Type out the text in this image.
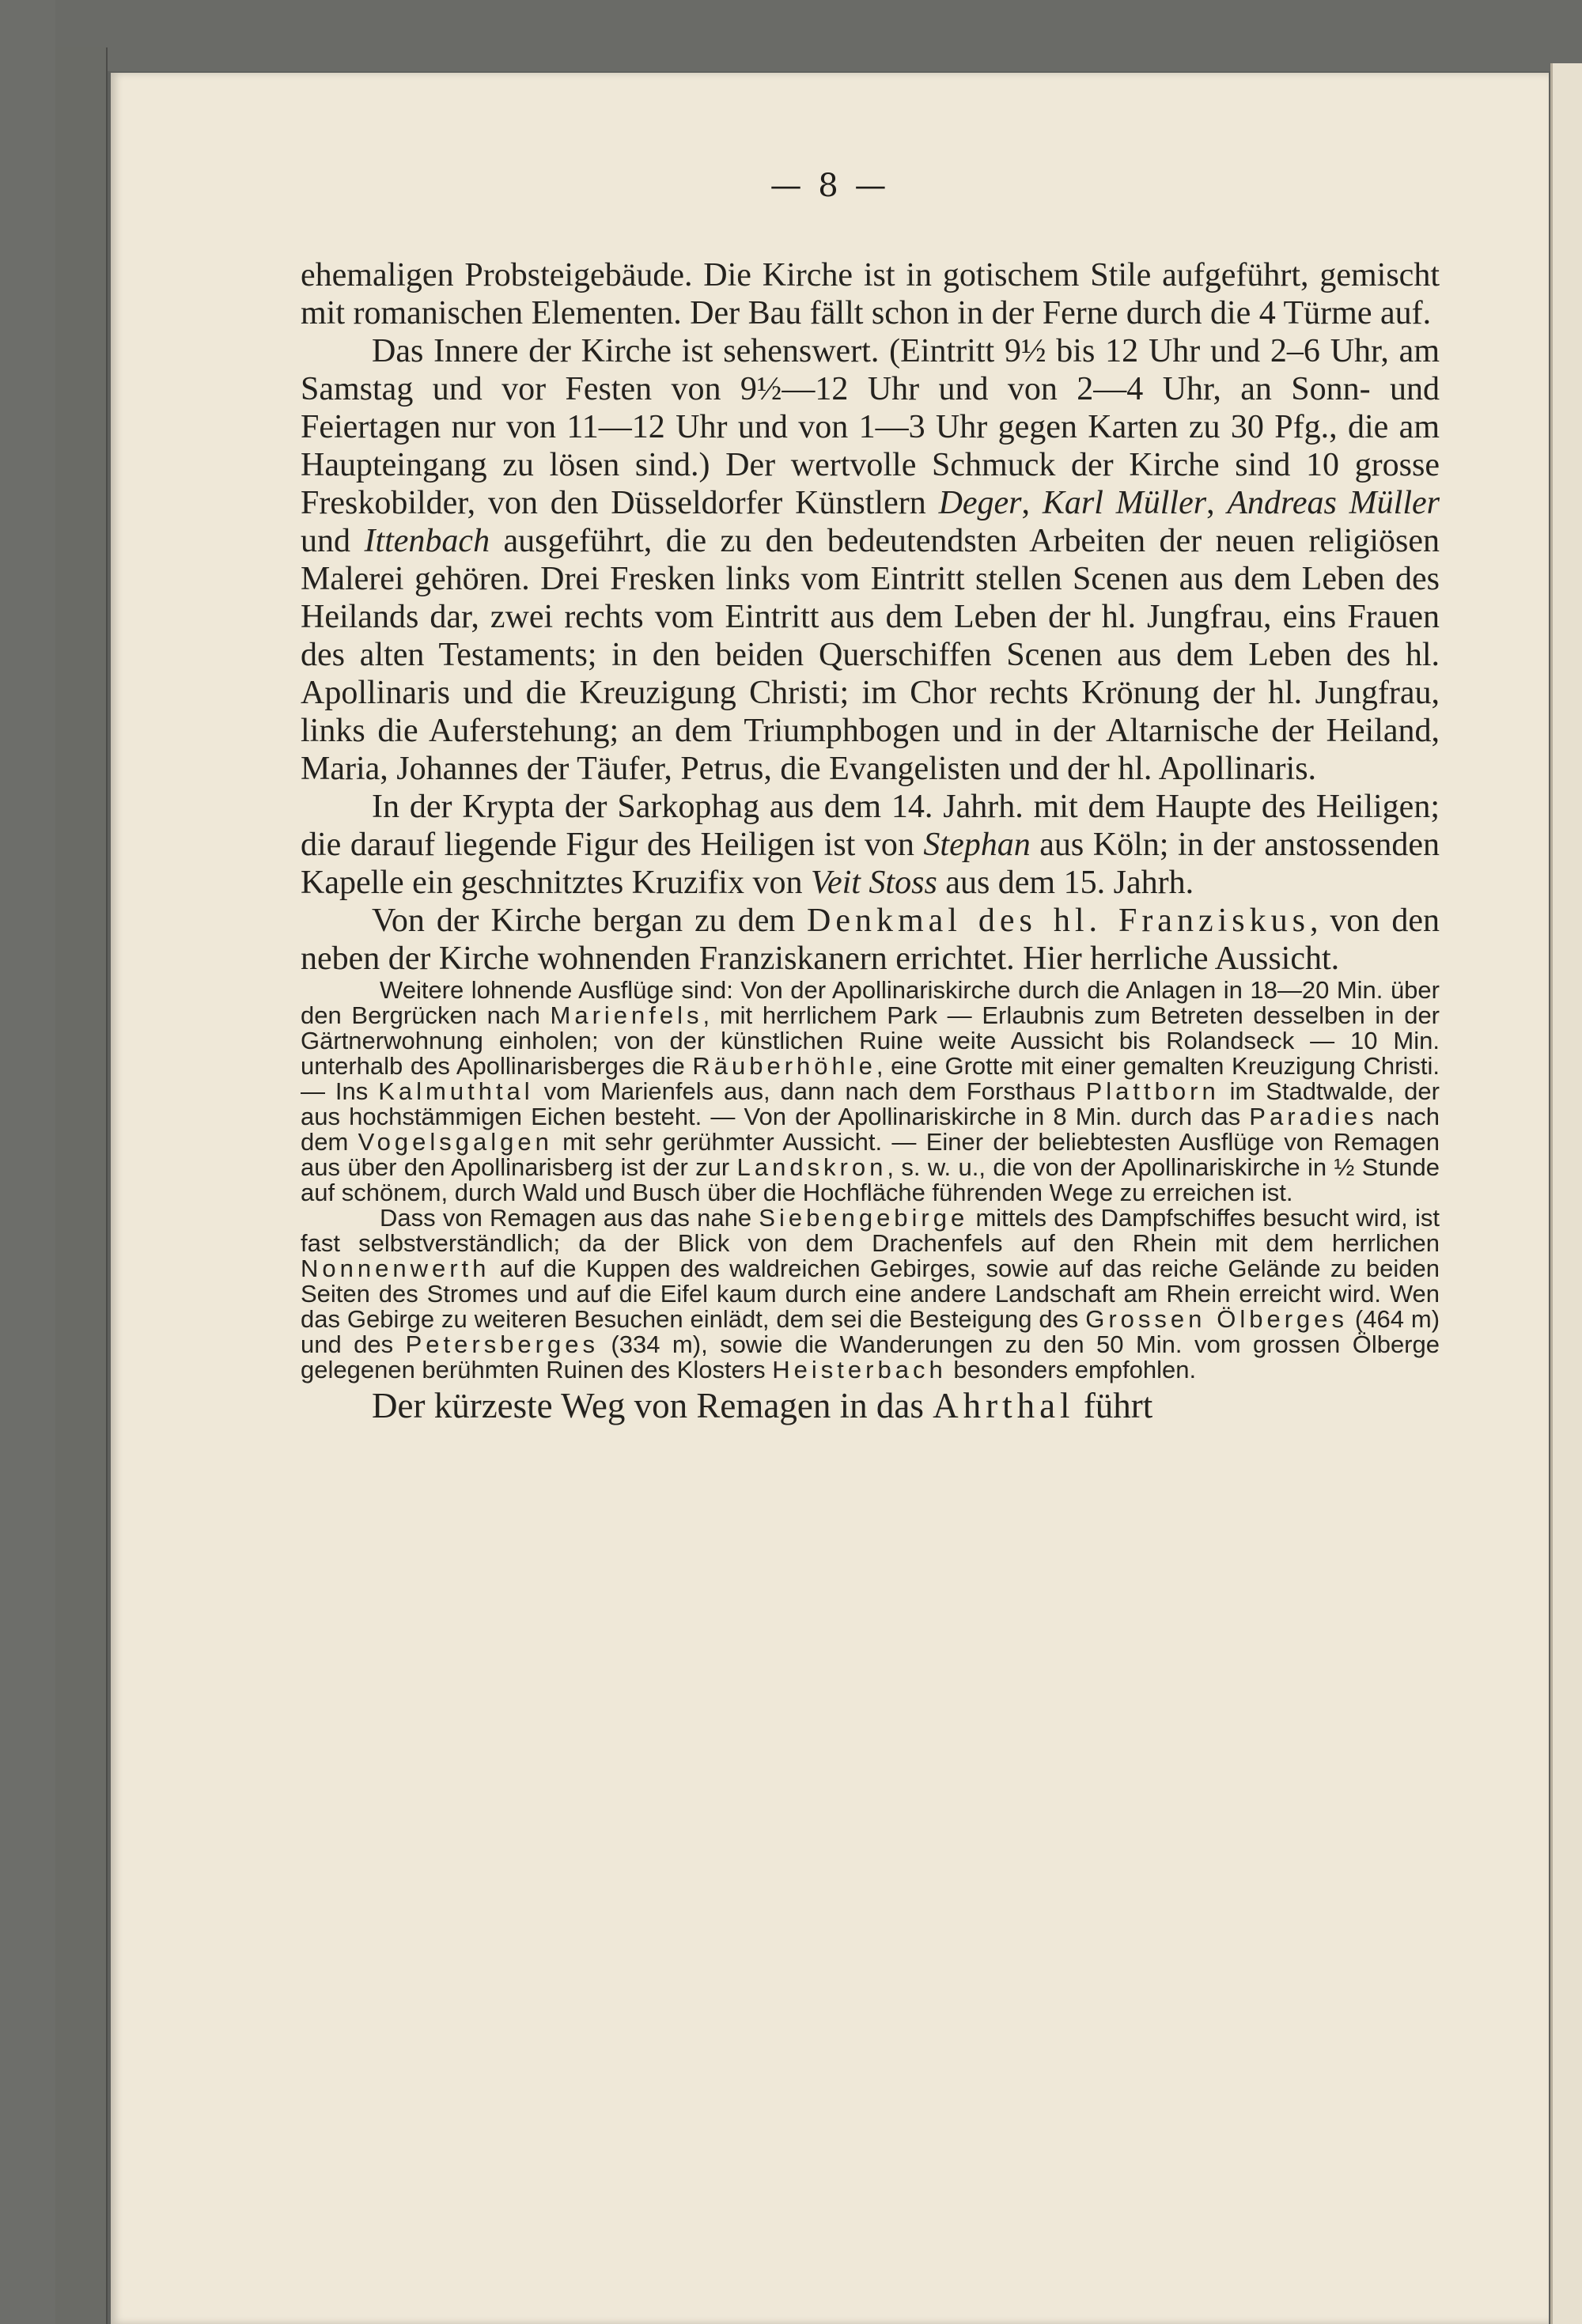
— 8 —

ehemaligen Probsteigebäude. Die Kirche ist in gotischem Stile aufgeführt, gemischt mit romanischen Elementen. Der Bau fällt schon in der Ferne durch die 4 Türme auf.

Das Innere der Kirche ist sehenswert. (Eintritt 9½ bis 12 Uhr und 2–6 Uhr, am Samstag und vor Festen von 9½—12 Uhr und von 2—4 Uhr, an Sonn- und Feiertagen nur von 11—12 Uhr und von 1—3 Uhr gegen Karten zu 30 Pfg., die am Haupteingang zu lösen sind.) Der wertvolle Schmuck der Kirche sind 10 grosse Freskobilder, von den Düsseldorfer Künstlern Deger, Karl Müller, Andreas Müller und Ittenbach ausgeführt, die zu den bedeutendsten Arbeiten der neuen religiösen Malerei gehören. Drei Fresken links vom Eintritt stellen Scenen aus dem Leben des Heilands dar, zwei rechts vom Eintritt aus dem Leben der hl. Jungfrau, eins Frauen des alten Testaments; in den beiden Querschiffen Scenen aus dem Leben des hl. Apollinaris und die Kreuzigung Christi; im Chor rechts Krönung der hl. Jungfrau, links die Auferstehung; an dem Triumphbogen und in der Altarnische der Heiland, Maria, Johannes der Täufer, Petrus, die Evangelisten und der hl. Apollinaris.

In der Krypta der Sarkophag aus dem 14. Jahrh. mit dem Haupte des Heiligen; die darauf liegende Figur des Heiligen ist von Stephan aus Köln; in der anstossenden Kapelle ein geschnitztes Kruzifix von Veit Stoss aus dem 15. Jahrh.

Von der Kirche bergan zu dem Denkmal des hl. Franziskus, von den neben der Kirche wohnenden Franziskanern errichtet. Hier herrliche Aussicht.

Weitere lohnende Ausflüge sind: Von der Apollinariskirche durch die Anlagen in 18—20 Min. über den Bergrücken nach Marienfels, mit herrlichem Park — Erlaubnis zum Betreten desselben in der Gärtnerwohnung einholen; von der künstlichen Ruine weite Aussicht bis Rolandseck — 10 Min. unterhalb des Apollinarisberges die Räuberhöhle, eine Grotte mit einer gemalten Kreuzigung Christi. — Ins Kalmuthtal vom Marienfels aus, dann nach dem Forsthaus Plattborn im Stadtwalde, der aus hochstämmigen Eichen besteht. — Von der Apollinariskirche in 8 Min. durch das Paradies nach dem Vogelsgalgen mit sehr gerühmter Aussicht. — Einer der beliebtesten Ausflüge von Remagen aus über den Apollinarisberg ist der zur Landskron, s. w. u., die von der Apollinariskirche in ½ Stunde auf schönem, durch Wald und Busch über die Hochfläche führenden Wege zu erreichen ist.

Dass von Remagen aus das nahe Siebengebirge mittels des Dampfschiffes besucht wird, ist fast selbstverständlich; da der Blick von dem Drachenfels auf den Rhein mit dem herrlichen Nonnenwerth auf die Kuppen des waldreichen Gebirges, sowie auf das reiche Gelände zu beiden Seiten des Stromes und auf die Eifel kaum durch eine andere Landschaft am Rhein erreicht wird. Wen das Gebirge zu weiteren Besuchen einlädt, dem sei die Besteigung des Grossen Ölberges (464 m) und des Petersberges (334 m), sowie die Wanderungen zu den 50 Min. vom grossen Ölberge gelegenen berühmten Ruinen des Klosters Heisterbach besonders empfohlen.

Der kürzeste Weg von Remagen in das Ahrthal führt
